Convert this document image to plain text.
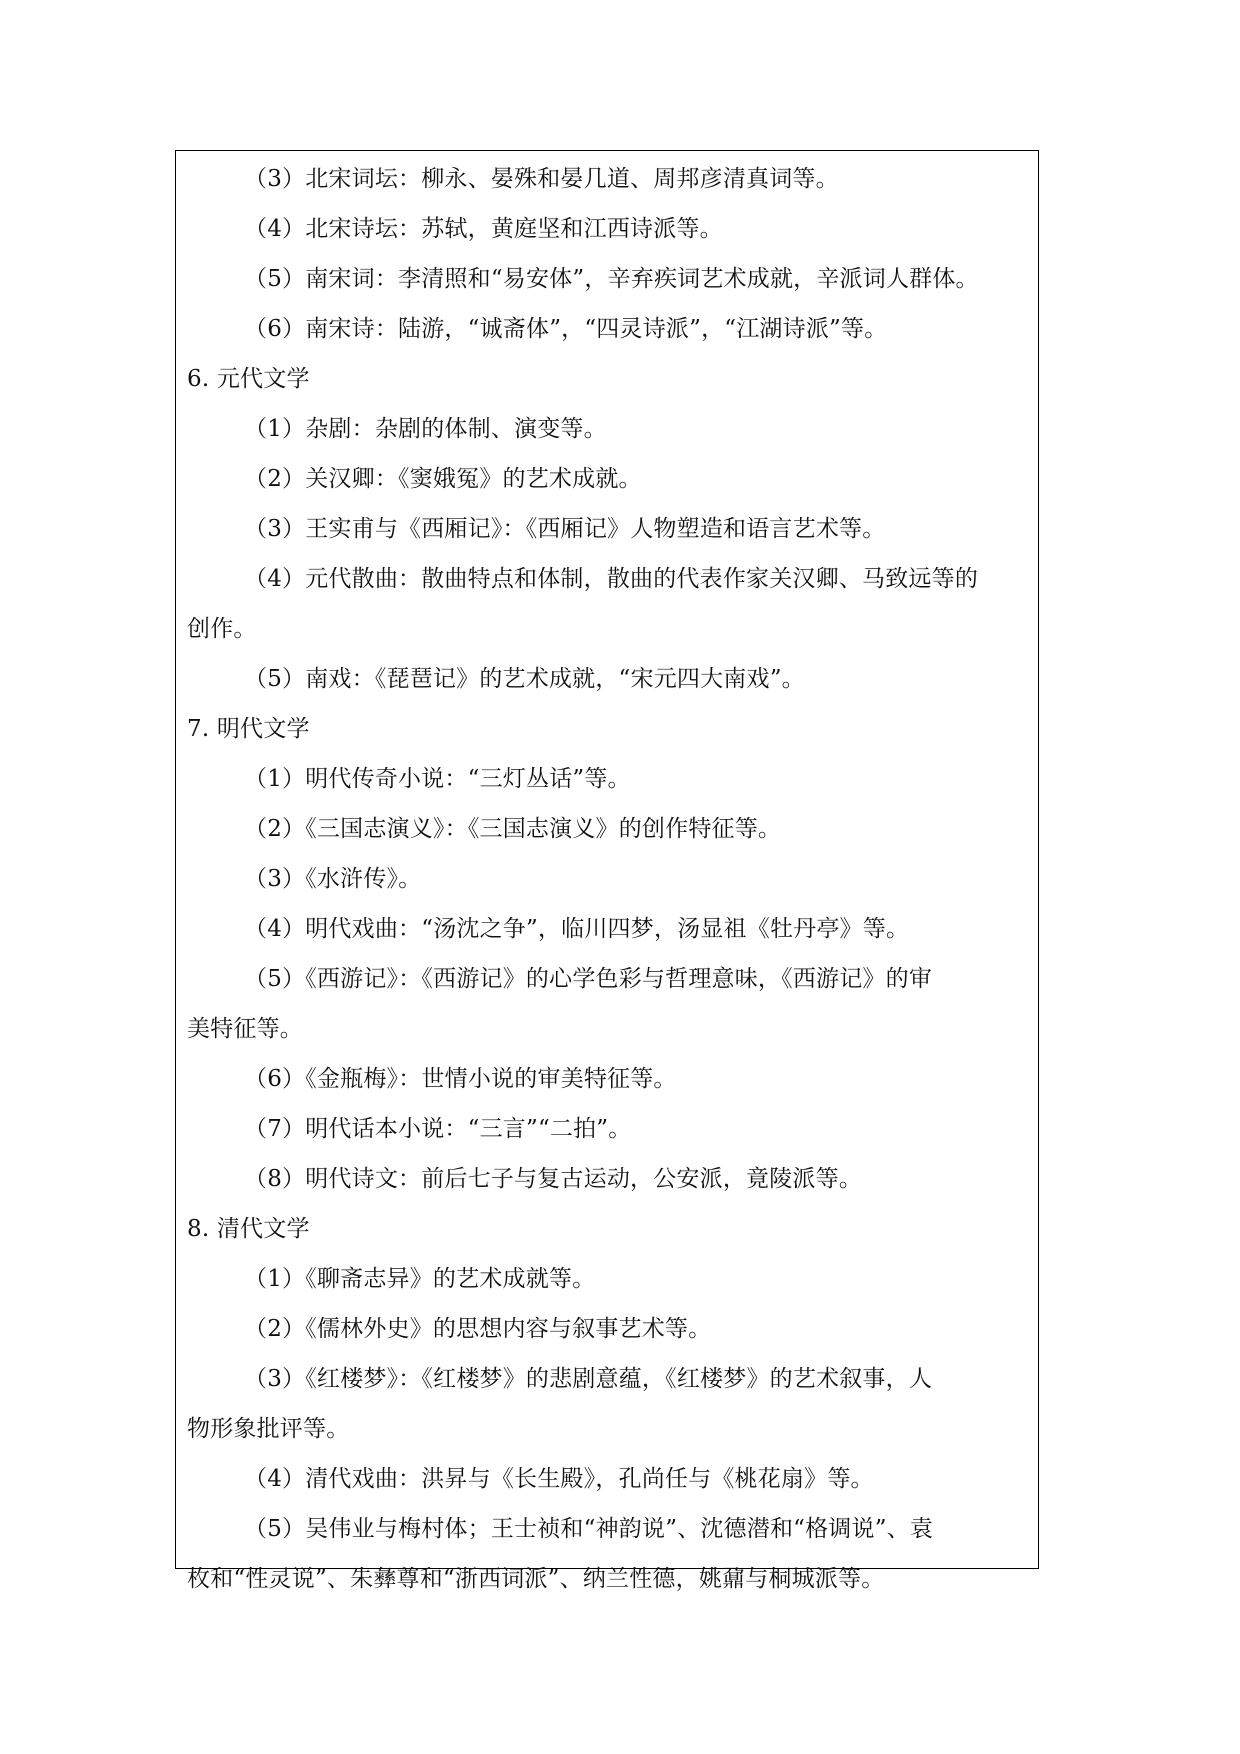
（3）北宋词坛：柳永、晏殊和晏几道、周邦彦清真词等。
（4）北宋诗坛：苏轼，黄庭坚和江西诗派等。
（5）南宋词：李清照和“易安体”，辛弃疾词艺术成就，辛派词人群体。
（6）南宋诗：陆游，“诚斋体”，“四灵诗派”，“江湖诗派”等。
6. 元代文学
（1）杂剧：杂剧的体制、演变等。
（2）关汉卿：《窦娥冤》的艺术成就。
（3）王实甫与《西厢记》：《西厢记》人物塑造和语言艺术等。
（4）元代散曲：散曲特点和体制，散曲的代表作家关汉卿、马致远等的
创作。
（5）南戏：《琵琶记》的艺术成就，“宋元四大南戏”。
7. 明代文学
（1）明代传奇小说：“三灯丛话”等。
（2）《三国志演义》：《三国志演义》的创作特征等。
（3）《水浒传》。
（4）明代戏曲：“汤沈之争”，临川四梦，汤显祖《牡丹亭》等。
（5）《西游记》：《西游记》的心学色彩与哲理意味，《西游记》的审
美特征等。
（6）《金瓶梅》：世情小说的审美特征等。
（7）明代话本小说：“三言”“二拍”。
（8）明代诗文：前后七子与复古运动，公安派，竟陵派等。
8. 清代文学
（1）《聊斋志异》的艺术成就等。
（2）《儒林外史》的思想内容与叙事艺术等。
（3）《红楼梦》：《红楼梦》的悲剧意蕴，《红楼梦》的艺术叙事，人
物形象批评等。
（4）清代戏曲：洪昇与《长生殿》，孔尚任与《桃花扇》等。
（5）吴伟业与梅村体；王士祯和“神韵说”、沈德潜和“格调说”、袁
枚和“性灵说”、朱彝尊和“浙西词派”、纳兰性德，姚鼐与桐城派等。
